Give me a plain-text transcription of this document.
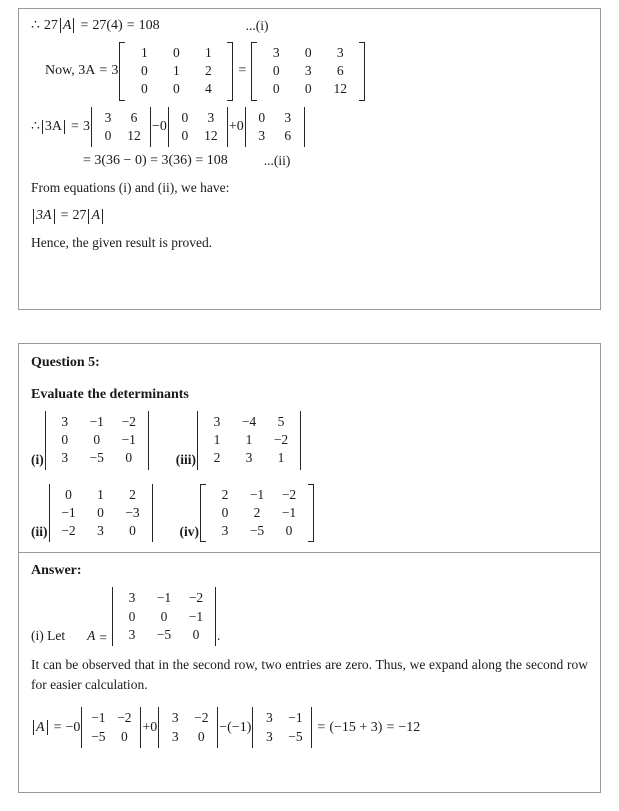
∴ 27 A = 27(4) = 108	...(i)
Now, 3A = 3
1	0	1
0	1	2
0	0	4
=
3	0	3
0	3	6
0	0	12
∴ 3A = 3
3	6
0	12
−0
0	3
0	12
+0
0	3
3	6
= 3(36 − 0) = 3(36) = 108	...(ii)

From equations (i) and (ii), we have:

3A = 27 A

Hence, the given result is proved.

Question 5:
Evaluate the determinants
(i)
3	−1	−2
0	0	−1
3	−5	0	(iii)
3	−4	5
1	1	−2
2	3	1
(ii)
0	1	2
−1	0	−3
−2	3	0	(iv)
2	−1	−2
0	2	−1
3	−5	0
Answer:
(i) Let A =
3	−1	−2
0	0	−1
3	−5	0	.

It can be observed that in the second row, two entries are zero. Thus, we expand along the second row for easier calculation.

A = −0
−1 −2
−5	0
+0
3	−2
3	0
−(−1)
3	−1
3	−5
= (−15 + 3) = −12
